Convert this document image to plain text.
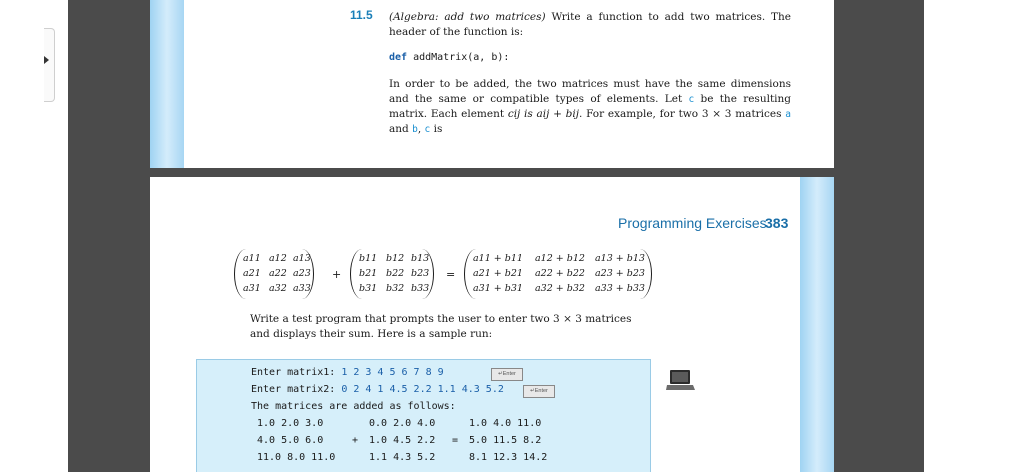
11.5 (Algebra: add two matrices) Write a function to add two matrices. The header of the function is:
def addMatrix(a, b):
In order to be added, the two matrices must have the same dimensions and the same or compatible types of elements. Let c be the resulting matrix. Each element cij is aij + bij. For example, for two 3 × 3 matrices a and b, c is
Programming Exercises
383
a11 a12 a13
a21 a22 a23
a31 a32 a33
+
b11 b12 b13
b21 b22 b23
b31 b32 b33
=
a11 + b11 a12 + b12 a13 + b13
a21 + b21 a22 + b22 a23 + b23
a31 + b31 a32 + b32 a33 + b33
Write a test program that prompts the user to enter two 3 × 3 matrices and displays their sum. Here is a sample run:
Enter matrix1: 1 2 3 4 5 6 7 8 9	↵Enter
Enter matrix2: 0 2 4 1 4.5 2.2 1.1 4.3 5.2	↵Enter
The matrices are added as follows:
1.0 2.0 3.0
4.0 5.0 6.0
11.0 8.0 11.0
+
0.0 2.0 4.0
1.0 4.5 2.2
1.1 4.3 5.2
=
1.0 4.0 11.0
5.0 11.5 8.2
8.1 12.3 14.2
